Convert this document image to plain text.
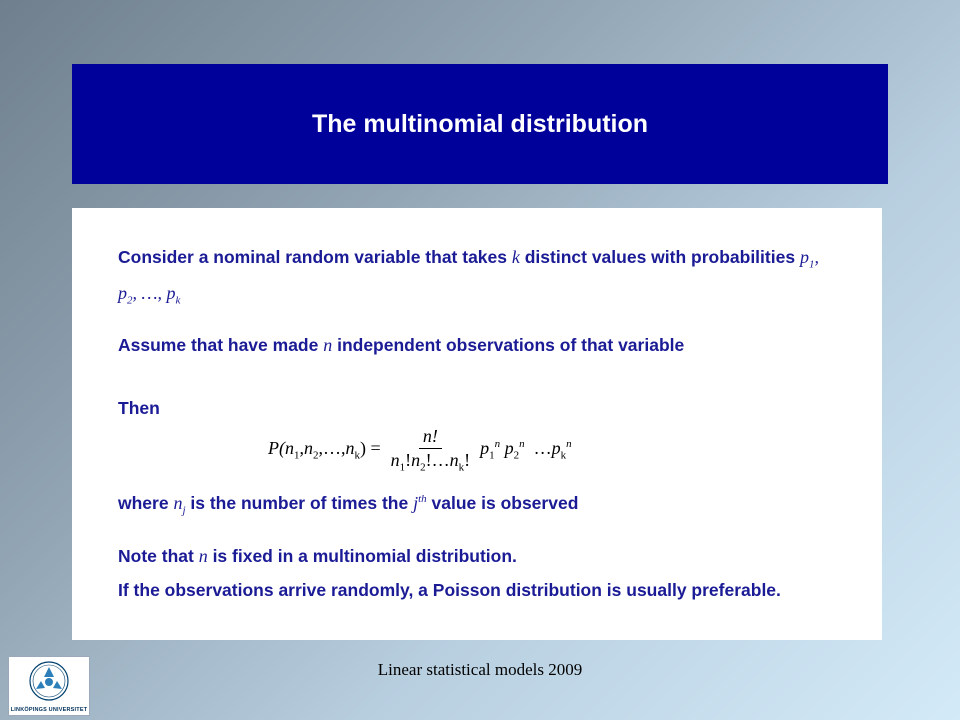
The multinomial distribution
Consider a nominal random variable that takes k distinct values with probabilities $p_1$, $p_2$, …, $p_k$
Assume that have made n independent observations of that variable
Then
$P(n_1,n_2,\dots,n_k) = \frac{n!}{n_1!n_2!\dots n_k!} p_1^n$ $p_2^n$ $\dots p_k^n$
where $n_j$ is the number of times the $j^{th}$ value is observed
Note that n is fixed in a multinomial distribution.
If the observations arrive randomly, a Poisson distribution is usually preferable.
LINKÖPINGS UNIVERSITET
Linear statistical models 2009
